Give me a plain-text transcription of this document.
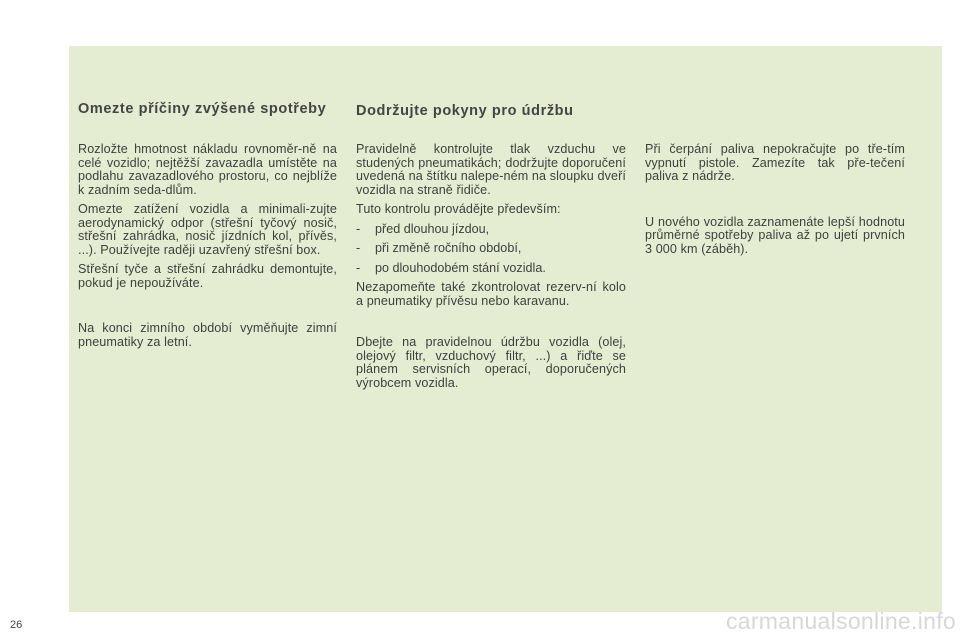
Omezte příčiny zvýšené spotřeby Dodržujte pokyny pro údržbu

Rozložte hmotnost nákladu rovnoměr-ně na celé vozidlo; nejtěžší zavazadla umístěte na podlahu zavazadlového prostoru, co nejblíže k zadním seda-dlům.

Omezte zatížení vozidla a minimali-zujte aerodynamický odpor (střešní tyčový nosič, střešní zahrádka, nosič jízdních kol, přívěs, ...). Používejte raději uzavřený střešní box.

Střešní tyče a střešní zahrádku demontujte, pokud je nepoužíváte.

Na konci zimního období vyměňujte zimní pneumatiky za letní.

Pravidelně kontrolujte tlak vzduchu ve studených pneumatikách; dodržujte doporučení uvedená na štítku nalepe-ném na sloupku dveří vozidla na straně řidiče.

Tuto kontrolu provádějte především:

-	před dlouhou jízdou,
-	při změně ročního období,
-	po dlouhodobém stání vozidla.

Nezapomeňte také zkontrolovat rezerv-ní kolo a pneumatiky přívěsu nebo karavanu.

Dbejte na pravidelnou údržbu vozidla (olej, olejový filtr, vzduchový filtr, ...) a řiďte se plánem servisních operací, doporučených výrobcem vozidla.

Při čerpání paliva nepokračujte po tře-tím vypnutí pistole. Zamezíte tak pře-tečení paliva z nádrže.

U nového vozidla zaznamenáte lepší hodnotu průměrné spotřeby paliva až po ujetí prvních 3 000 km (záběh).

26	carmanualsonline.info
